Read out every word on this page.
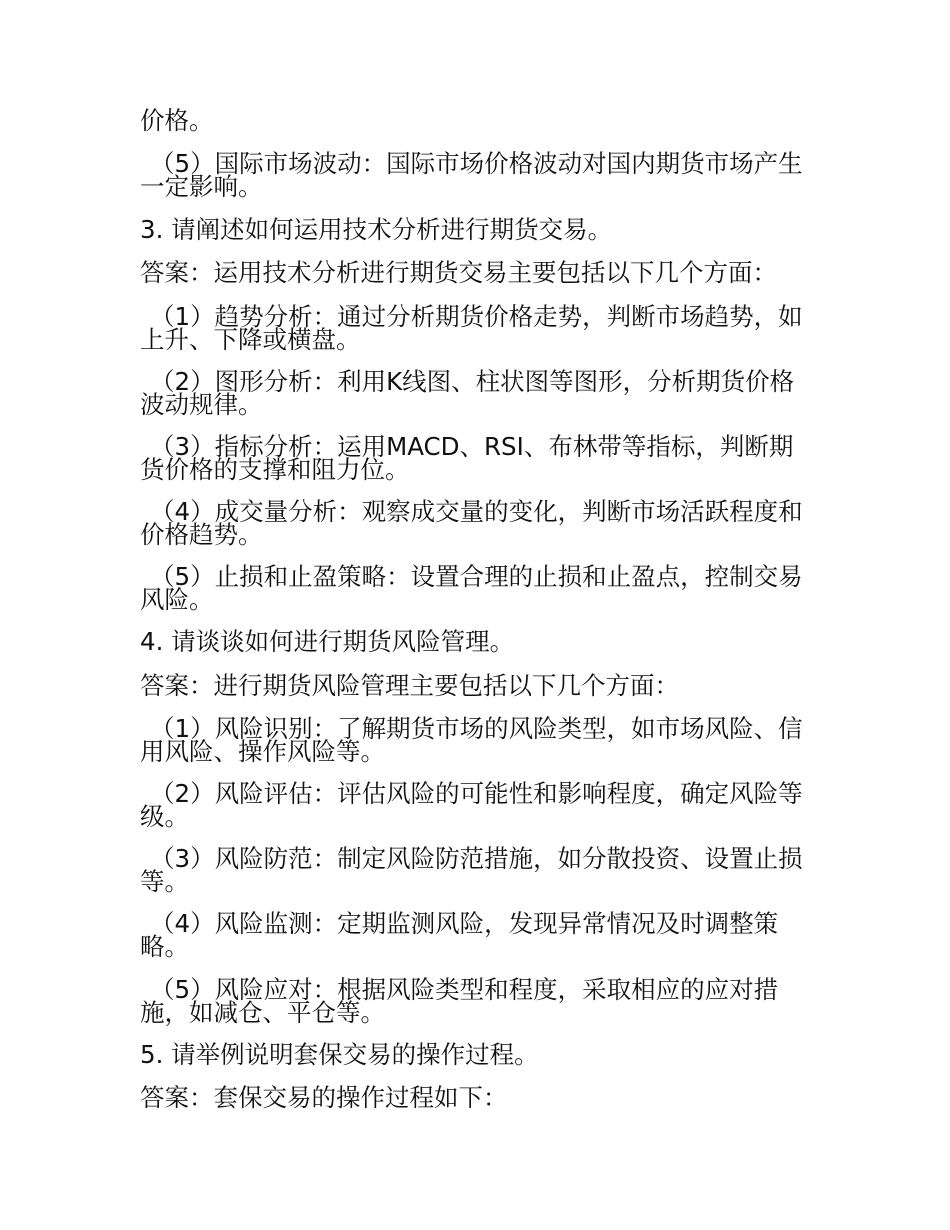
价格。
（5）国际市场波动：国际市场价格波动对国内期货市场产生一定影响。
3. 请阐述如何运用技术分析进行期货交易。
答案：运用技术分析进行期货交易主要包括以下几个方面：
（1）趋势分析：通过分析期货价格走势，判断市场趋势，如上升、下降或横盘。
（2）图形分析：利用K线图、柱状图等图形，分析期货价格波动规律。
（3）指标分析：运用MACD、RSI、布林带等指标，判断期货价格的支撑和阻力位。
（4）成交量分析：观察成交量的变化，判断市场活跃程度和价格趋势。
（5）止损和止盈策略：设置合理的止损和止盈点，控制交易风险。
4. 请谈谈如何进行期货风险管理。
答案：进行期货风险管理主要包括以下几个方面：
（1）风险识别：了解期货市场的风险类型，如市场风险、信用风险、操作风险等。
（2）风险评估：评估风险的可能性和影响程度，确定风险等级。
（3）风险防范：制定风险防范措施，如分散投资、设置止损等。
（4）风险监测：定期监测风险，发现异常情况及时调整策略。
（5）风险应对：根据风险类型和程度，采取相应的应对措施，如减仓、平仓等。
5. 请举例说明套保交易的操作过程。
答案：套保交易的操作过程如下：
